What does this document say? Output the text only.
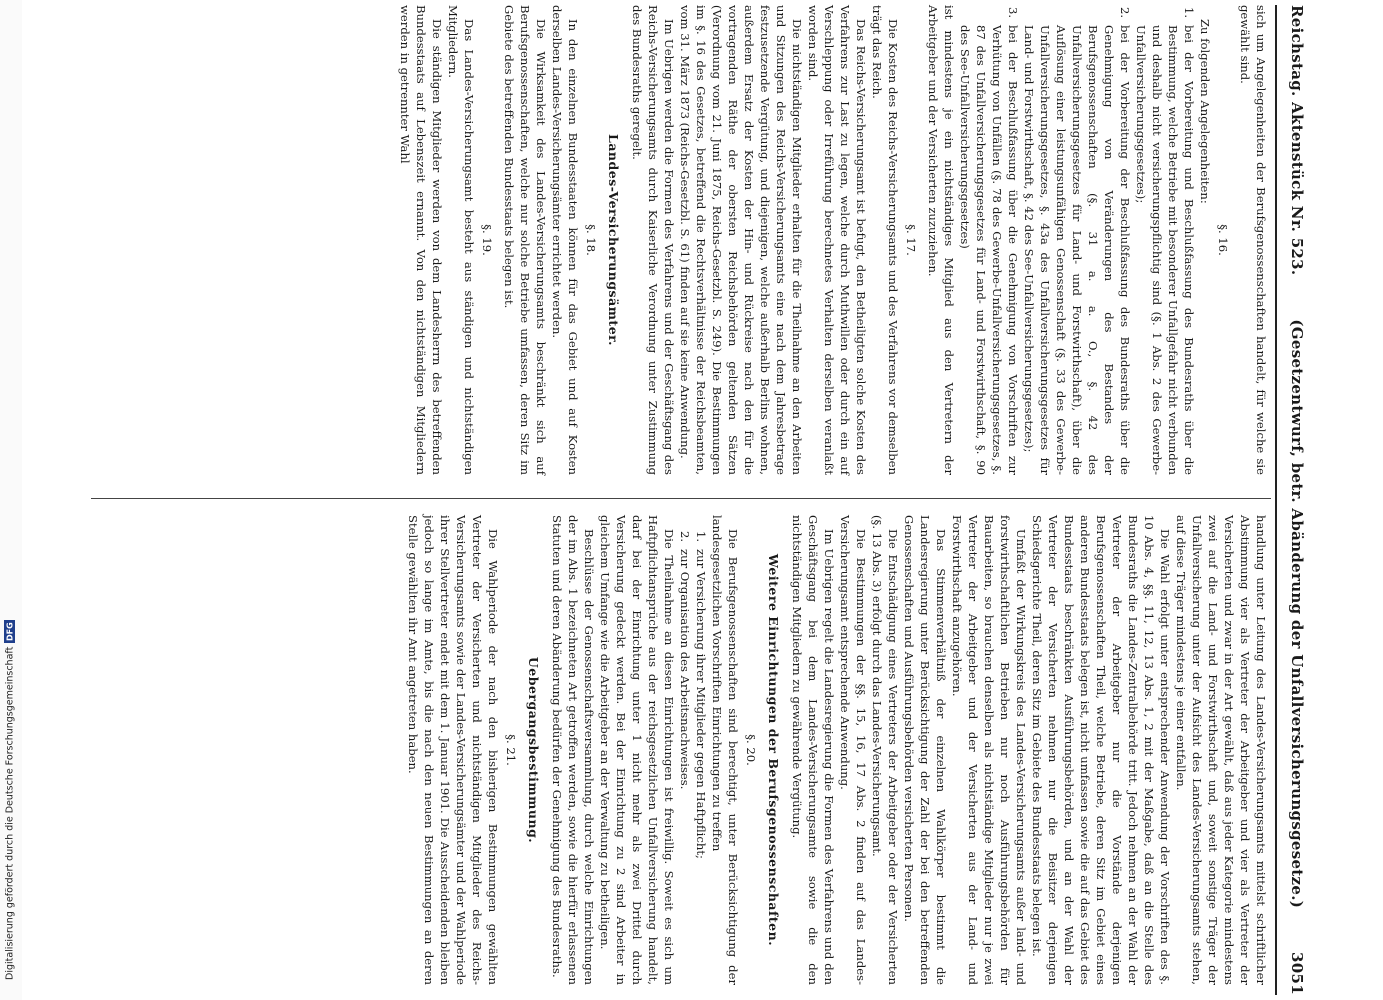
Digitalisierung gefördert durch die Deutsche Forschungsgemeinschaft
DFG
Reichstag. Aktenstück Nr. 523.
(Gesetzentwurf, betr. Abänderung der Unfallversicherungsgesetze.)
3051

sich um Angelegenheiten der Berufsgenossenschaften handelt, für welche sie gewählt sind.

§. 16.

Zu folgenden Angelegenheiten:

1.
bei der Vorbereitung und Beschlußfassung des Bundesraths über die Bestimmung, welche Betriebe mit besonderer Unfallgefahr nicht verbunden und deshalb nicht versicherungspflichtig sind (§. 1 Abs. 2 des Gewerbe-Unfallversicherungsgesetzes);
2.
bei der Vorbereitung der Beschlußfassung des Bundesraths über die Genehmigung von Veränderungen des Bestandes der Berufsgenossenschaften (§. 31 a. a. O., §. 42 des Unfallversicherungsgesetzes für Land- und Forstwirthschaft), über die Auflösung einer leistungsunfähigen Genossenschaft (§. 33 des Gewerbe-Unfallversicherungsgesetzes, §. 43a des Unfallversicherungsgesetzes für Land- und Forstwirthschaft, §. 42 des See-Unfallversicherungsgesetzes);
3.
bei der Beschlußfassung über die Genehmigung von Vorschriften zur Verhütung von Unfällen (§. 78 des Gewerbe-Unfallversicherungsgesetzes, §. 87 des Unfallversicherungsgesetzes für Land- und Forstwirthschaft, §. 90 des See-Unfallversicherungsgesetzes)

ist mindestens je ein nichtständiges Mitglied aus den Vertretern der Arbeitgeber und der Versicherten zuzuziehen.

§. 17.

Die Kosten des Reichs-Versicherungsamts und des Verfahrens vor demselben trägt das Reich.

Das Reichs-Versicherungsamt ist befugt, den Betheiligten solche Kosten des Verfahrens zur Last zu legen, welche durch Muthwillen oder durch ein auf Verschleppung oder Irreführung berechnetes Verhalten derselben veranlaßt worden sind.

Die nichtständigen Mitglieder erhalten für die Theilnahme an den Arbeiten und Sitzungen des Reichs-Versicherungsamts eine nach dem Jahresbetrage festzusetzende Vergütung, und diejenigen, welche außerhalb Berlins wohnen, außerdem Ersatz der Kosten der Hin- und Rückreise nach den für die vortragenden Räthe der obersten Reichsbehörden geltenden Sätzen (Verordnung vom 21. Juni 1875, Reichs-Gesetzbl. S. 249). Die Bestimmungen im §. 16 des Gesetzes, betreffend die Rechtsverhältnisse der Reichsbeamten, vom 31. März 1873 (Reichs-Gesetzbl. S. 61) finden auf sie keine Anwendung.

Im Uebrigen werden die Formen des Verfahrens und der Geschäftsgang des Reichs-Versicherungsamts durch Kaiserliche Verordnung unter Zustimmung des Bundesraths geregelt.

Landes-Versicherungsämter.
§. 18.

In den einzelnen Bundesstaaten können für das Gebiet und auf Kosten derselben Landes-Versicherungsämter errichtet werden.

Die Wirksamkeit des Landes-Versicherungsamts beschränkt sich auf Berufsgenossenschaften, welche nur solche Betriebe umfassen, deren Sitz im Gebiete des betreffenden Bundesstaats belegen ist.

§. 19.

Das Landes-Versicherungsamt besteht aus ständigen und nichtständigen Mitgliedern.

Die ständigen Mitglieder werden von dem Landesherrn des betreffenden Bundesstaats auf Lebenszeit ernannt. Von den nichtständigen Mitgliedern werden in getrennter Wahl

handlung unter Leitung des Landes-Versicherungsamts mittelst schriftlicher Abstimmung vier als Vertreter der Arbeitgeber und vier als Vertreter der Versicherten und zwar in der Art gewählt, daß aus jeder Kategorie mindestens zwei auf die Land- und Forstwirthschaft und, soweit sonstige Träger der Unfallversicherung unter der Aufsicht des Landes-Versicherungsamts stehen, auf diese Träger mindestens je einer entfallen.

Die Wahl erfolgt unter entsprechender Anwendung der Vorschriften des §. 10 Abs. 4, §§. 11, 12, 13 Abs. 1, 2 mit der Maßgabe, daß an die Stelle des Bundesraths die Landes-Zentralbehörde tritt. Jedoch nehmen an der Wahl der Vertreter der Arbeitgeber nur die Vorstände derjenigen Berufsgenossenschaften Theil, welche Betriebe, deren Sitz im Gebiet eines anderen Bundesstaats belegen ist, nicht umfassen sowie die auf das Gebiet des Bundesstaats beschränkten Ausführungsbehörden, und an der Wahl der Vertreter der Versicherten nehmen nur die Beisitzer derjenigen Schiedsgerichte Theil, deren Sitz im Gebiete des Bundesstaats belegen ist.

Umfaßt der Wirkungskreis des Landes-Versicherungsamts außer land- und forstwirthschaftlichen Betrieben nur noch Ausführungsbehörden für Bauarbeiten, so brauchen denselben als nichtständige Mitglieder nur je zwei Vertreter der Arbeitgeber und der Versicherten aus der Land- und Forstwirthschaft anzugehören.

Das Stimmenverhältniß der einzelnen Wahlkörper bestimmt die Landesregierung unter Berücksichtigung der Zahl der bei den betreffenden Genossenschaften und Ausführungsbehörden versicherten Personen.

Die Entschädigung eines Vertreters der Arbeitgeber oder der Versicherten (§. 13 Abs. 3) erfolgt durch das Landes-Versicherungsamt.

Die Bestimmungen der §§. 15, 16, 17 Abs. 2 finden auf das Landes-Versicherungsamt entsprechende Anwendung.

Im Uebrigen regelt die Landesregierung die Formen des Verfahrens und den Geschäftsgang bei dem Landes-Versicherungsamte sowie die den nichtständigen Mitgliedern zu gewährende Vergütung.

Weitere Einrichtungen der Berufsgenossenschaften.
§. 20.

Die Berufsgenossenschaften sind berechtigt, unter Berücksichtigung der landesgesetzlichen Vorschriften Einrichtungen zu treffen

1.
zur Versicherung ihrer Mitglieder gegen Haftpflicht;
2.
zur Organisation des Arbeitsnachweises.

Die Theilnahme an diesen Einrichtungen ist freiwillig. Soweit es sich um Haftpflichtansprüche aus der reichsgesetzlichen Unfallversicherung handelt, darf bei der Einrichtung unter 1 nicht mehr als zwei Drittel durch Versicherung gedeckt werden. Bei der Einrichtung zu 2 sind Arbeiter in gleichem Umfange wie die Arbeitgeber an der Verwaltung zu betheiligen.

Beschlüsse der Genossenschaftsversammlung, durch welche Einrichtungen der im Abs. 1 bezeichneten Art getroffen werden, sowie die hierfür erlassenen Statuten und deren Abänderung bedürfen der Genehmigung des Bundesraths.

Uebergangsbestimmung.
§. 21.

Die Wahlperiode der nach den bisherigen Bestimmungen gewählten Vertreter der Versicherten und nichtständigen Mitglieder des Reichs-Versicherungsamts sowie der Landes-Versicherungsämter und der Wahlperiode ihrer Stellvertreter endet mit dem 1. Januar 1901. Die Ausscheidenden bleiben jedoch so lange im Amte, bis die nach den neuen Bestimmungen an deren Stelle gewählten ihr Amt angetreten haben.
